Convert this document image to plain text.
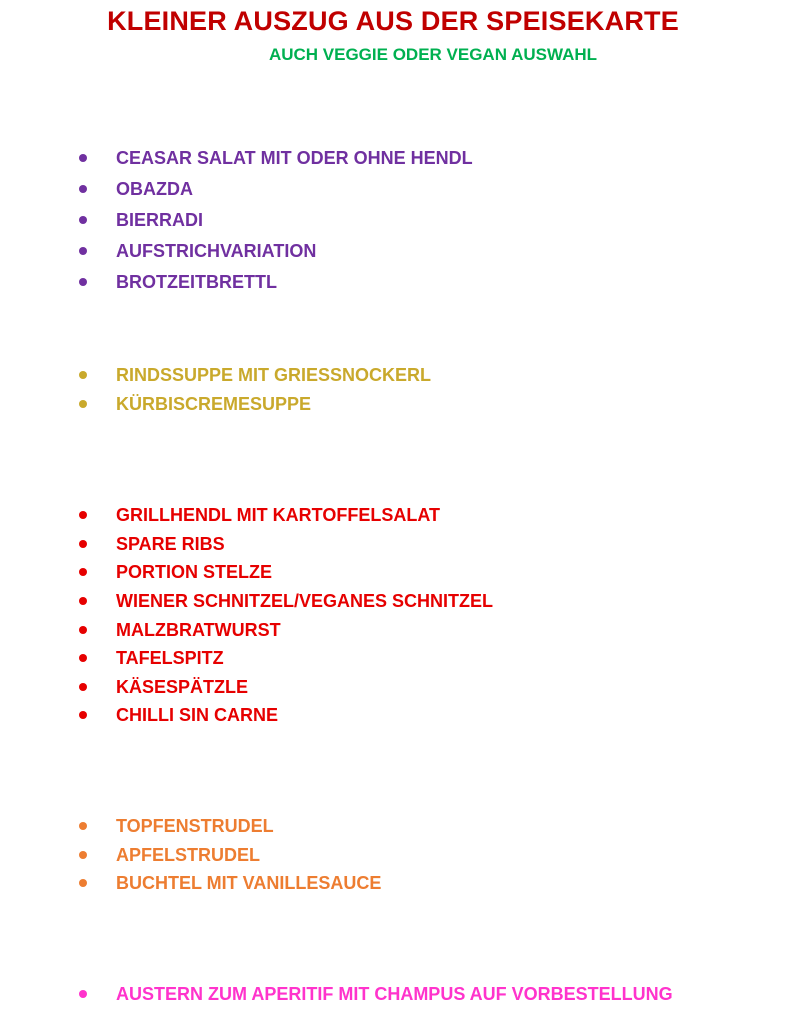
KLEINER AUSZUG AUS DER SPEISEKARTE
AUCH VEGGIE ODER VEGAN AUSWAHL
CEASAR SALAT MIT ODER OHNE HENDL
OBAZDA
BIERRADI
AUFSTRICHVARIATION
BROTZEITBRETTL
RINDSSUPPE MIT GRIESSNOCKERL
KÜRBISCREMESUPPE
GRILLHENDL MIT KARTOFFELSALAT
SPARE RIBS
PORTION STELZE
WIENER SCHNITZEL/VEGANES SCHNITZEL
MALZBRATWURST
TAFELSPITZ
KÄSESPÄTZLE
CHILLI SIN CARNE
TOPFENSTRUDEL
APFELSTRUDEL
BUCHTEL MIT VANILLESAUCE
AUSTERN ZUM APERITIF MIT CHAMPUS AUF VORBESTELLUNG
